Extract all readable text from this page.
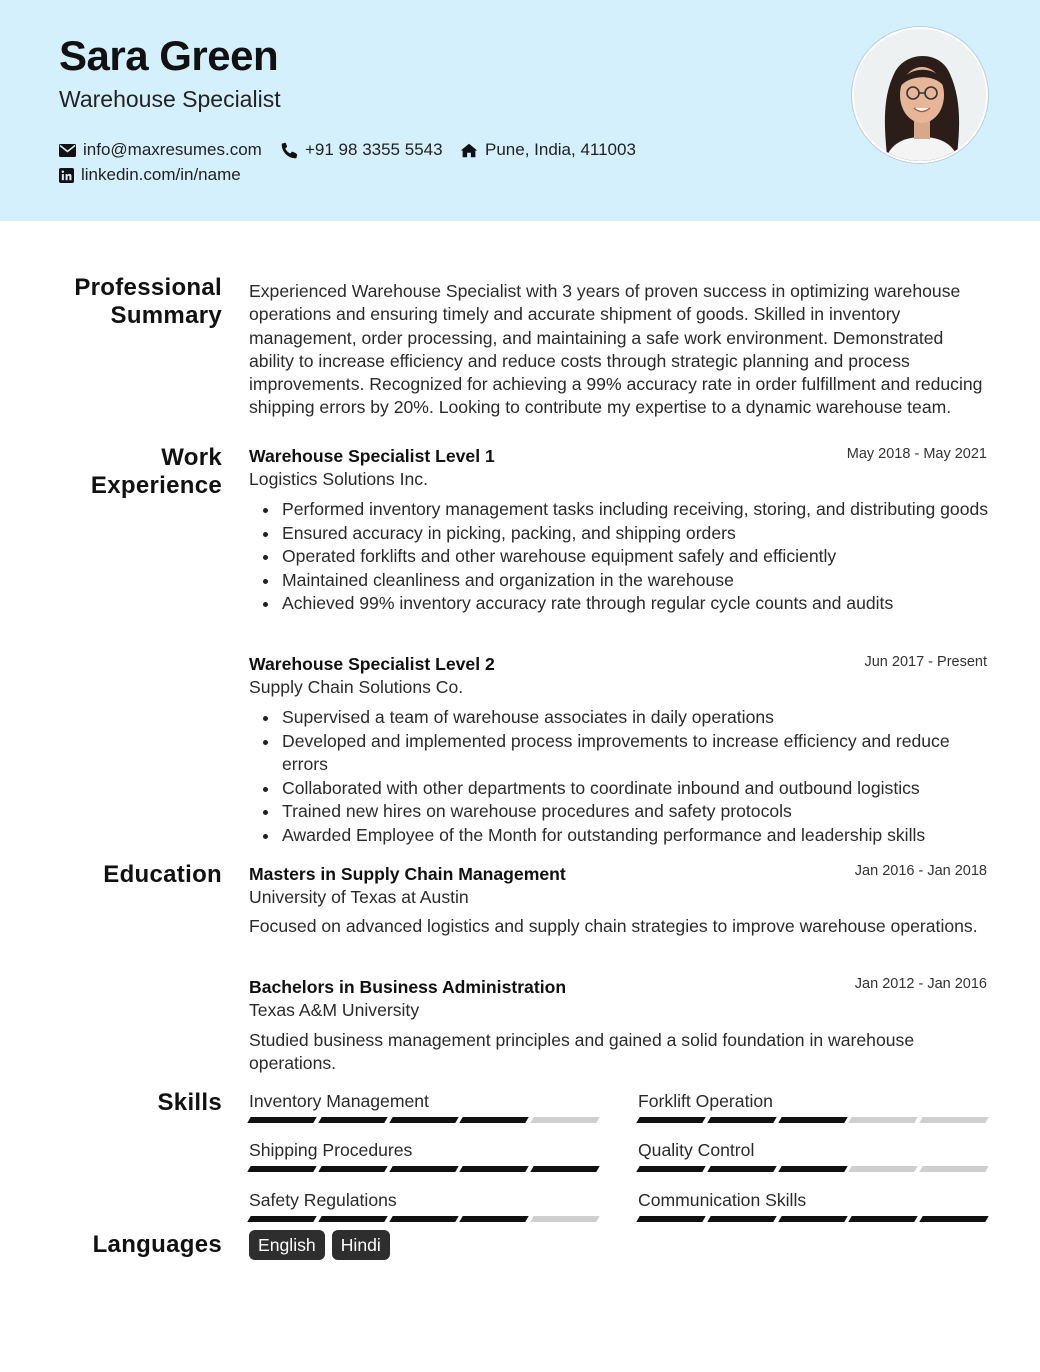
Sara Green
Warehouse Specialist
info@maxresumes.com	+91 98 3355 5543 Pune, India, 411003
linkedin.com/in/name
Professional
Summary
Experienced Warehouse Specialist with 3 years of proven success in optimizing warehouse operations and ensuring timely and accurate shipment of goods. Skilled in inventory management, order processing, and maintaining a safe work environment. Demonstrated ability to increase efficiency and reduce costs through strategic planning and process improvements. Recognized for achieving a 99% accuracy rate in order fulfillment and reducing shipping errors by 20%. Looking to contribute my expertise to a dynamic warehouse team.
Work
Experience
Warehouse Specialist Level 1	May 2018 - May 2021
Logistics Solutions Inc.
Performed inventory management tasks including receiving, storing, and distributing goods
Ensured accuracy in picking, packing, and shipping orders
Operated forklifts and other warehouse equipment safely and efficiently
Maintained cleanliness and organization in the warehouse
Achieved 99% inventory accuracy rate through regular cycle counts and audits
Warehouse Specialist Level 2	Jun 2017 - Present
Supply Chain Solutions Co.
Supervised a team of warehouse associates in daily operations
Developed and implemented process improvements to increase efficiency and reduce errors
Collaborated with other departments to coordinate inbound and outbound logistics
Trained new hires on warehouse procedures and safety protocols
Awarded Employee of the Month for outstanding performance and leadership skills
Education Masters in Supply Chain Management	Jan 2016 - Jan 2018
University of Texas at Austin
Focused on advanced logistics and supply chain strategies to improve warehouse operations.
Bachelors in Business Administration	Jan 2012 - Jan 2016
Texas A&M University
Studied business management principles and gained a solid foundation in warehouse operations.
Skills Inventory Management	Forklift Operation
Shipping Procedures	Quality Control
Safety Regulations	Communication Skills
Languages	English	Hindi
